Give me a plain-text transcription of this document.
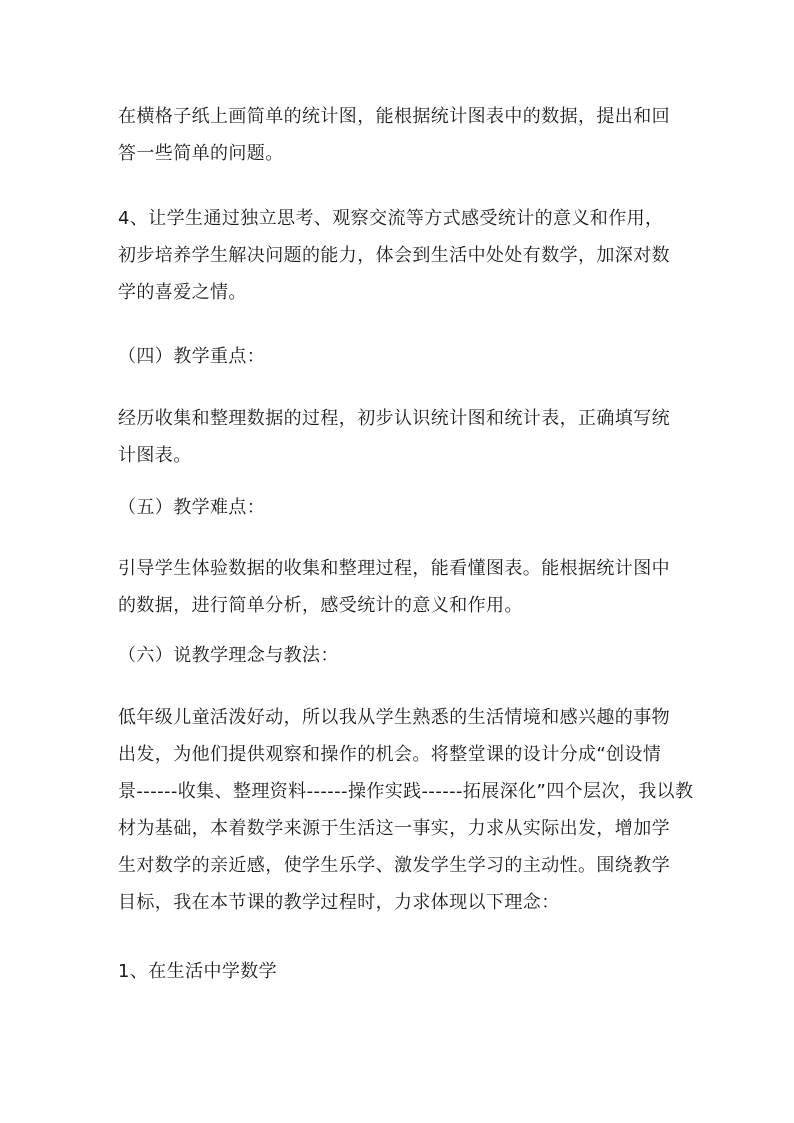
在横格子纸上画简单的统计图，能根据统计图表中的数据，提出和回
答一些简单的问题。

4、让学生通过独立思考、观察交流等方式感受统计的意义和作用，
初步培养学生解决问题的能力，体会到生活中处处有数学，加深对数
学的喜爱之情。

（四）教学重点：

经历收集和整理数据的过程，初步认识统计图和统计表，正确填写统
计图表。

（五）教学难点：

引导学生体验数据的收集和整理过程，能看懂图表。能根据统计图中
的数据，进行简单分析，感受统计的意义和作用。

（六）说教学理念与教法：

低年级儿童活泼好动，所以我从学生熟悉的生活情境和感兴趣的事物
出发，为他们提供观察和操作的机会。将整堂课的设计分成“创设情
景------收集、整理资料------操作实践------拓展深化”四个层次，我以教
材为基础，本着数学来源于生活这一事实，力求从实际出发，增加学
生对数学的亲近感，使学生乐学、激发学生学习的主动性。围绕教学
目标，我在本节课的教学过程时，力求体现以下理念：

1、在生活中学数学
